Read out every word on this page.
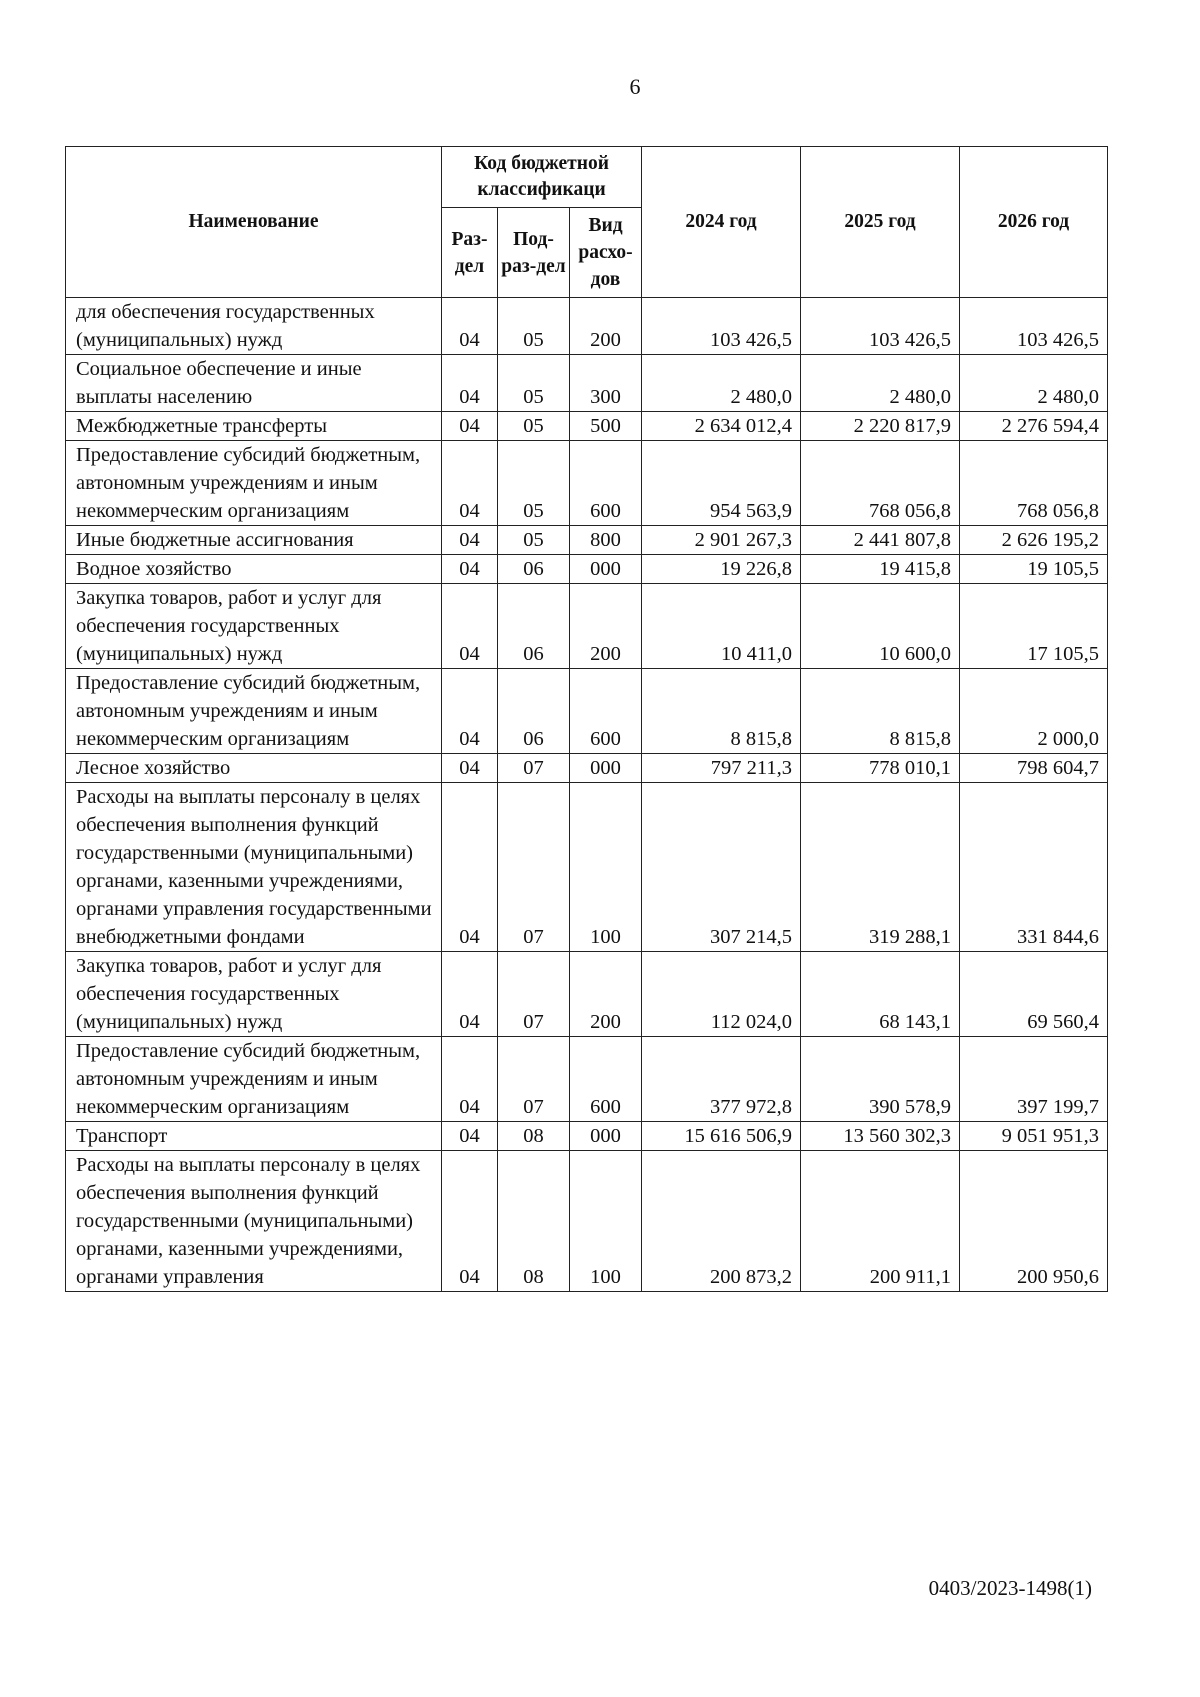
6
Наименование	Код бюджетной классификаци			2024 год	2025 год	2026 год
	Раз-дел	Под-раз-дел	Вид расхо-дов			
для обеспечения государственных (муниципальных) нужд	04	05	200	103 426,5	103 426,5	103 426,5
Социальное обеспечение и иные выплаты населению	04	05	300	2 480,0	2 480,0	2 480,0
Межбюджетные трансферты	04	05	500	2 634 012,4	2 220 817,9	2 276 594,4
Предоставление субсидий бюджетным, автономным учреждениям и иным некоммерческим организациям	04	05	600	954 563,9	768 056,8	768 056,8
Иные бюджетные ассигнования	04	05	800	2 901 267,3	2 441 807,8	2 626 195,2
Водное хозяйство	04	06	000	19 226,8	19 415,8	19 105,5
Закупка товаров, работ и услуг для обеспечения государственных (муниципальных) нужд	04	06	200	10 411,0	10 600,0	17 105,5
Предоставление субсидий бюджетным, автономным учреждениям и иным некоммерческим организациям	04	06	600	8 815,8	8 815,8	2 000,0
Лесное хозяйство	04	07	000	797 211,3	778 010,1	798 604,7
Расходы на выплаты персоналу в целях обеспечения выполнения функций государственными (муниципальными) органами, казенными учреждениями, органами управления государственными внебюджетными фондами	04	07	100	307 214,5	319 288,1	331 844,6
Закупка товаров, работ и услуг для обеспечения государственных (муниципальных) нужд	04	07	200	112 024,0	68 143,1	69 560,4
Предоставление субсидий бюджетным, автономным учреждениям и иным некоммерческим организациям	04	07	600	377 972,8	390 578,9	397 199,7
Транспорт	04	08	000	15 616 506,9	13 560 302,3	9 051 951,3
Расходы на выплаты персоналу в целях обеспечения выполнения функций государственными (муниципальными) органами, казенными учреждениями, органами управления	04	08	100	200 873,2	200 911,1	200 950,6
0403/2023-1498(1)
